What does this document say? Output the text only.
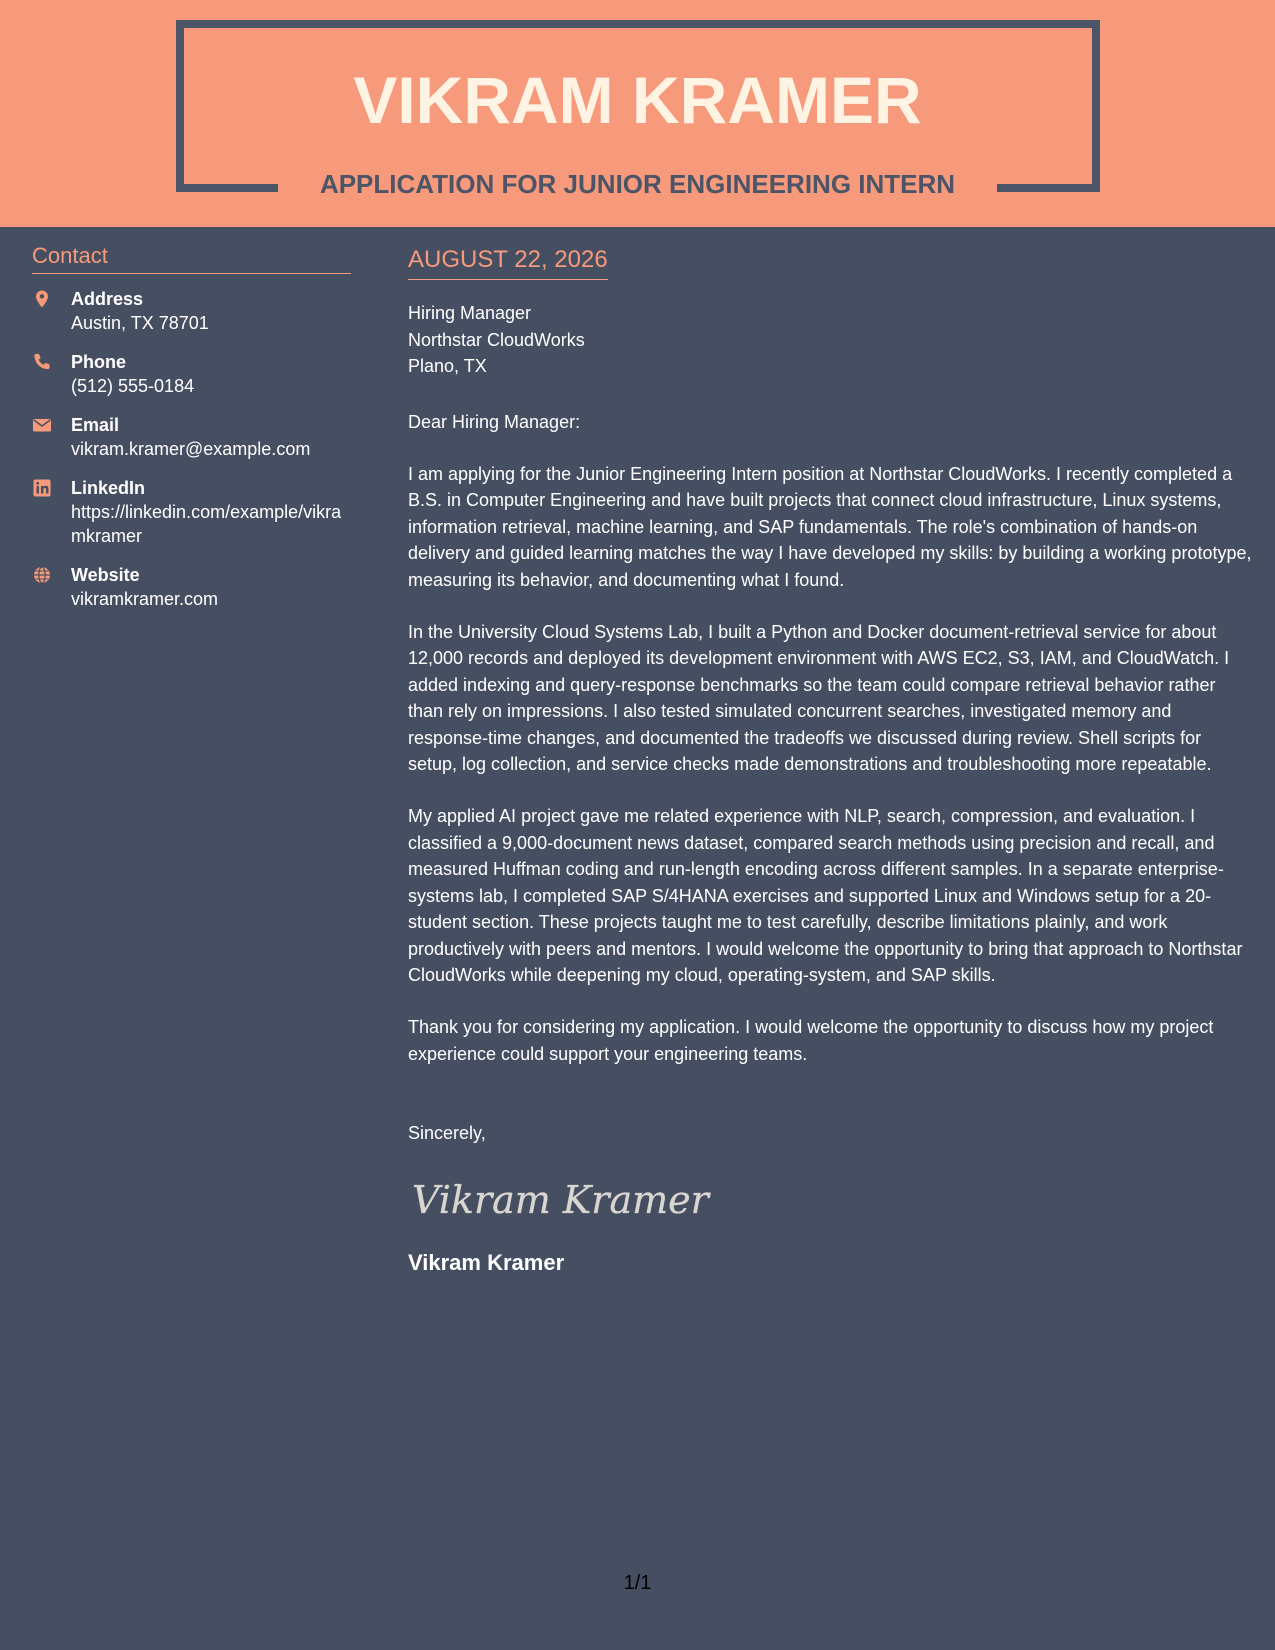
VIKRAM KRAMER
APPLICATION FOR JUNIOR ENGINEERING INTERN
Contact
Address
Austin, TX 78701
Phone
(512) 555-0184
Email
vikram.kramer@example.com
LinkedIn
https://linkedin.com/example/vikramkramer
Website
vikramkramer.com
AUGUST 22, 2026
Hiring Manager
Northstar CloudWorks
Plano, TX
Dear Hiring Manager:
I am applying for the Junior Engineering Intern position at Northstar CloudWorks. I recently completed a B.S. in Computer Engineering and have built projects that connect cloud infrastructure, Linux systems, information retrieval, machine learning, and SAP fundamentals. The role's combination of hands-on delivery and guided learning matches the way I have developed my skills: by building a working prototype, measuring its behavior, and documenting what I found.
In the University Cloud Systems Lab, I built a Python and Docker document-retrieval service for about 12,000 records and deployed its development environment with AWS EC2, S3, IAM, and CloudWatch. I added indexing and query-response benchmarks so the team could compare retrieval behavior rather than rely on impressions. I also tested simulated concurrent searches, investigated memory and response-time changes, and documented the tradeoffs we discussed during review. Shell scripts for setup, log collection, and service checks made demonstrations and troubleshooting more repeatable.
My applied AI project gave me related experience with NLP, search, compression, and evaluation. I classified a 9,000-document news dataset, compared search methods using precision and recall, and measured Huffman coding and run-length encoding across different samples. In a separate enterprise-systems lab, I completed SAP S/4HANA exercises and supported Linux and Windows setup for a 20-student section. These projects taught me to test carefully, describe limitations plainly, and work productively with peers and mentors. I would welcome the opportunity to bring that approach to Northstar CloudWorks while deepening my cloud, operating-system, and SAP skills.
Thank you for considering my application. I would welcome the opportunity to discuss how my project experience could support your engineering teams.
Sincerely,
Vikram Kramer
Vikram Kramer
1/1
